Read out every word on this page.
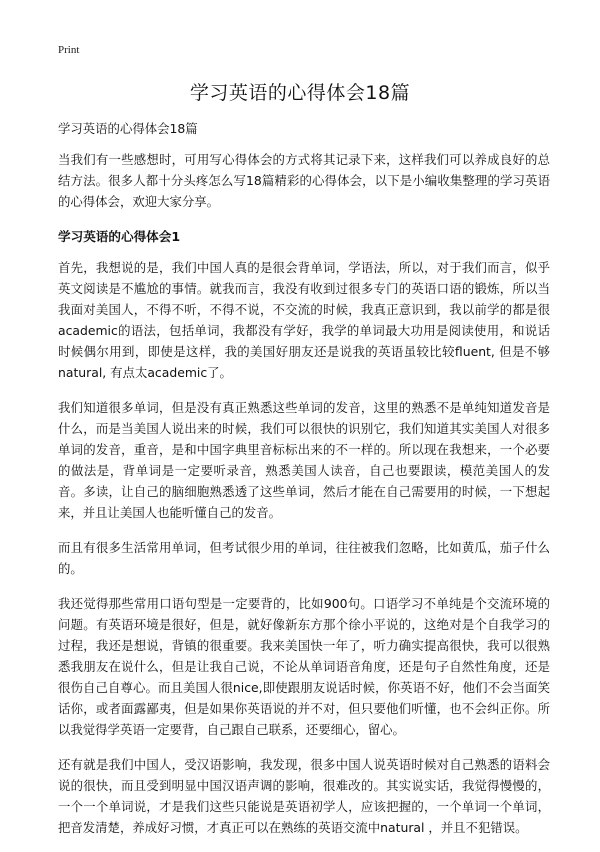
Print
学习英语的心得体会18篇

学习英语的心得体会18篇

当我们有一些感想时，可用写心得体会的方式将其记录下来，这样我们可以养成良好的总结方法。很多人都十分头疼怎么写18篇精彩的心得体会，以下是小编收集整理的学习英语的心得体会，欢迎大家分享。

学习英语的心得体会1

首先，我想说的是，我们中国人真的是很会背单词，学语法，所以，对于我们而言，似乎英文阅读是不尴尬的事情。就我而言，我没有收到过很多专门的英语口语的锻炼，所以当我面对美国人，不得不听，不得不说，不交流的时候，我真正意识到，我以前学的都是很academic的语法，包括单词，我都没有学好，我学的单词最大功用是阅读使用，和说话时候偶尔用到，即使是这样，我的美国好朋友还是说我的英语虽较比较fluent, 但是不够natural, 有点太academic了。

我们知道很多单词，但是没有真正熟悉这些单词的发音，这里的熟悉不是单纯知道发音是什么，而是当美国人说出来的时候，我们可以很快的识别它，我们知道其实美国人对很多单词的发音，重音，是和中国字典里音标标出来的不一样的。所以现在我想来，一个必要的做法是，背单词是一定要听录音，熟悉美国人读音，自己也要跟读，模范美国人的发音。多读，让自己的脑细胞熟悉透了这些单词，然后才能在自己需要用的时候，一下想起来，并且让美国人也能听懂自己的发音。

而且有很多生活常用单词，但考试很少用的单词，往往被我们忽略，比如黄瓜，茄子什么的。

我还觉得那些常用口语句型是一定要背的，比如900句。口语学习不单纯是个交流环境的问题。有英语环境是很好，但是，就好像新东方那个徐小平说的，这绝对是个自我学习的过程，我还是想说，背镇的很重要。我来美国快一年了，听力确实提高很快，我可以很熟悉我朋友在说什么，但是让我自己说，不论从单词语音角度，还是句子自然性角度，还是很伤自己自尊心。而且美国人很nice,即使跟朋友说话时候，你英语不好，他们不会当面笑话你，或者面露鄙夷，但是如果你英语说的并不对，但只要他们听懂，也不会纠正你。所以我觉得学英语一定要背，自己跟自己联系，还要细心，留心。

还有就是我们中国人，受汉语影响，我发现，很多中国人说英语时候对自己熟悉的语料会说的很快，而且受到明显中国汉语声调的影响，很难改的。其实说实话，我觉得慢慢的，一个一个单词说，才是我们这些只能说是英语初学人，应该把握的，一个单词一个单词，把音发清楚，养成好习惯，才真正可以在熟练的英语交流中natural ，并且不犯错误。
